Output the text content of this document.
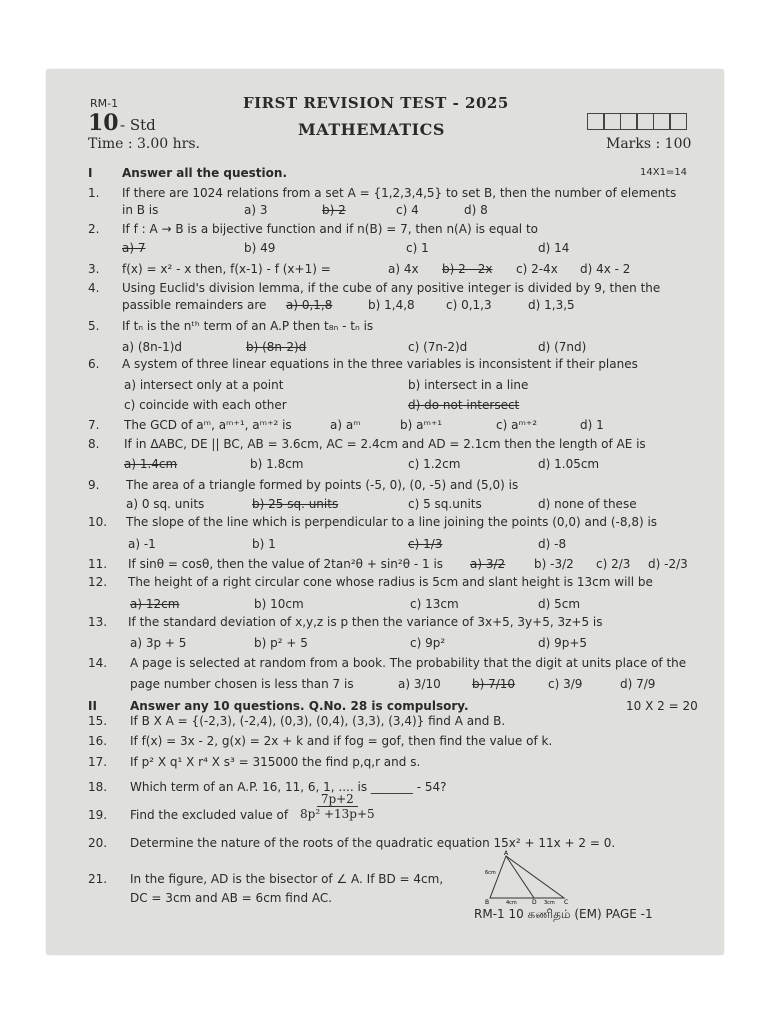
RM-1
10 - Std
Time : 3.00 hrs.
FIRST REVISION TEST - 2025
MATHEMATICS
Marks : 100
I Answer all the question.	14X1=14
1. If there are 1024 relations from a set A = {1,2,3,4,5} to set B, then the number of elements
in B is	a) 3	b) 2	c) 4	d) 8
2. If f : A → B is a bijective function and if n(B) = 7, then n(A) is equal to
a) 7	b) 49	c) 1	d) 14
3. f(x) = x² - x then, f(x-1) - f (x+1) =	a) 4x b) 2 - 2x c) 2-4x d) 4x - 2
4. Using Euclid's division lemma, if the cube of any positive integer is divided by 9, then the
passible remainders are a) 0,1,8	b) 1,4,8	c) 0,1,3	d) 1,3,5
5. If tₙ is the nᵗʰ term of an A.P then t₈ₙ - tₙ is
a) (8n-1)d	b) (8n-2)d	c) (7n-2)d	d) (7nd)
6. A system of three linear equations in the three variables is inconsistent if their planes
a) intersect only at a point	b) intersect in a line
c) coincide with each other	d) do not intersect
7. The GCD of aᵐ, aᵐ⁺¹, aᵐ⁺² is	a) aᵐ	b) aᵐ⁺¹	c) aᵐ⁺²	d) 1
8. If in ΔABC, DE || BC, AB = 3.6cm, AC = 2.4cm and AD = 2.1cm then the length of AE is
a) 1.4cm	b) 1.8cm	c) 1.2cm	d) 1.05cm
9. The area of a triangle formed by points (-5, 0), (0, -5) and (5,0) is
a) 0 sq. units	b) 25 sq. units	c) 5 sq.units	d) none of these
10. The slope of the line which is perpendicular to a line joining the points (0,0) and (-8,8) is
a) -1	b) 1	c) 1/3	d) -8
11. If sinθ = cosθ, then the value of 2tan²θ + sin²θ - 1 is a) 3/2 b) -3/2 c) 2/3 d) -2/3
12. The height of a right circular cone whose radius is 5cm and slant height is 13cm will be
a) 12cm	b) 10cm	c) 13cm	d) 5cm
13. If the standard deviation of x,y,z is p then the variance of 3x+5, 3y+5, 3z+5 is
a) 3p + 5	b) p² + 5	c) 9p²	d) 9p+5
14. A page is selected at random from a book. The probability that the digit at units place of the
page number chosen is less than 7 is	a) 3/10	b) 7/10	c) 3/9	d) 7/9
II	Answer any 10 questions. Q.No. 28 is compulsory.	10 X 2 = 20
15. If B X A = {(-2,3), (-2,4), (0,3), (0,4), (3,3), (3,4)} find A and B.
16. If f(x) = 3x - 2, g(x) = 2x + k and if fog = gof, then find the value of k.
17. If p² X q¹ X r⁴ X s³ = 315000 the find p,q,r and s.
18. Which term of an A.P. 16, 11, 6, 1, .... is _______ - 54?
19. Find the excluded value of $\frac{7p+2}{\text{8p² +13p+5}}$
20. Determine the nature of the roots of the quadratic equation 15x² + 11x + 2 = 0.
21. In the figure, AD is the bisector of ∠ A. If BD = 4cm,
DC = 3cm and AB = 6cm find AC.
A
B	D	C
6cm
4cm	3cm
RM-1 10 கணிதம் (EM) PAGE -1
